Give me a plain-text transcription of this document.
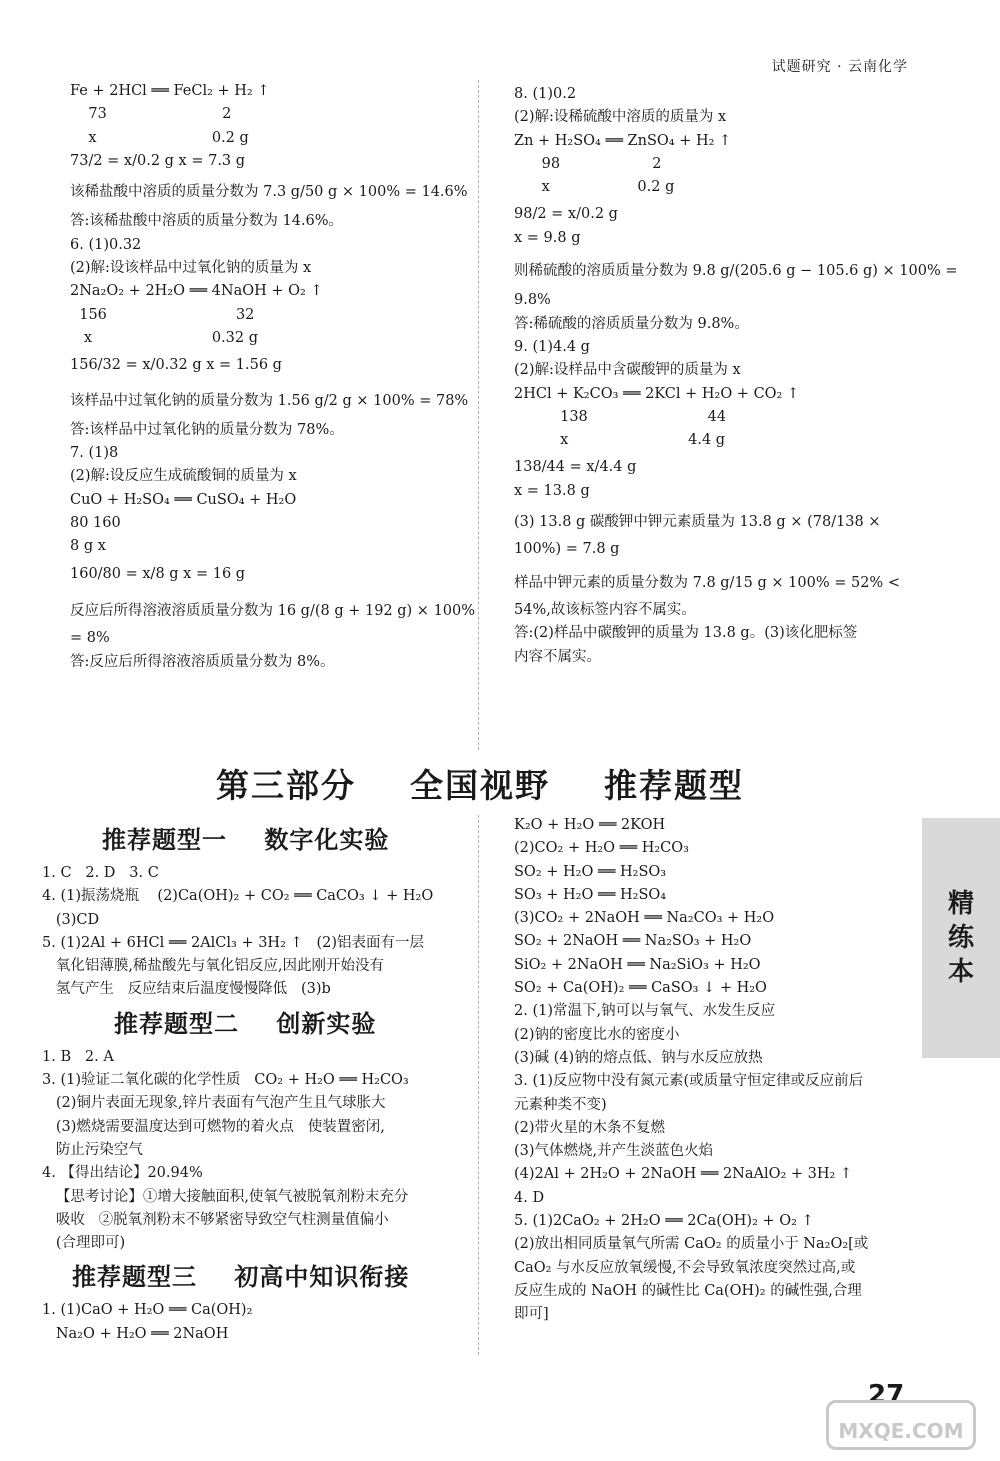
试题研究 · 云南化学
Fe + 2HCl ══ FeCl₂ + H₂ ↑
73                         2
x                         0.2 g
73/2 = x/0.2 g x = 7.3 g
该稀盐酸中溶质的质量分数为 7.3 g/50 g × 100% = 14.6%
答:该稀盐酸中溶质的质量分数为 14.6%。
6. (1)0.32
(2)解:设该样品中过氧化钠的质量为 x
2Na₂O₂ + 2H₂O ══ 4NaOH + O₂ ↑
156                            32
x                          0.32 g
156/32 = x/0.32 g x = 1.56 g
该样品中过氧化钠的质量分数为 1.56 g/2 g × 100% = 78%
答:该样品中过氧化钠的质量分数为 78%。
7. (1)8
(2)解:设反应生成硫酸铜的质量为 x
CuO + H₂SO₄ ══ CuSO₄ + H₂O
80 160
8 g x
160/80 = x/8 g x = 16 g
反应后所得溶液溶质质量分数为 16 g/(8 g + 192 g) × 100%
= 8%
答:反应后所得溶液溶质质量分数为 8%。
8. (1)0.2
(2)解:设稀硫酸中溶质的质量为 x
Zn + H₂SO₄ ══ ZnSO₄ + H₂ ↑
98                    2
x                   0.2 g
98/2 = x/0.2 g
x = 9.8 g
则稀硫酸的溶质质量分数为 9.8 g/(205.6 g − 105.6 g) × 100% =
9.8%
答:稀硫酸的溶质质量分数为 9.8%。
9. (1)4.4 g
(2)解:设样品中含碳酸钾的质量为 x
2HCl + K₂CO₃ ══ 2KCl + H₂O + CO₂ ↑
138                          44
x                          4.4 g
138/44 = x/4.4 g
x = 13.8 g
(3) 13.8 g 碳酸钾中钾元素质量为 13.8 g × (78/138 ×
100%) = 7.8 g
样品中钾元素的质量分数为 7.8 g/15 g × 100% = 52% <
54%,故该标签内容不属实。
答:(2)样品中碳酸钾的质量为 13.8 g。(3)该化肥标签
内容不属实。
第三部分    全国视野    推荐题型
推荐题型一    数字化实验
1. C   2. D   3. C
4. (1)振荡烧瓶    (2)Ca(OH)₂ + CO₂ ══ CaCO₃ ↓ + H₂O
(3)CD
5. (1)2Al + 6HCl ══ 2AlCl₃ + 3H₂ ↑   (2)铝表面有一层
氧化铝薄膜,稀盐酸先与氧化铝反应,因此刚开始没有
氢气产生   反应结束后温度慢慢降低   (3)b
推荐题型二    创新实验
1. B   2. A
3. (1)验证二氧化碳的化学性质   CO₂ + H₂O ══ H₂CO₃
(2)铜片表面无现象,锌片表面有气泡产生且气球胀大
(3)燃烧需要温度达到可燃物的着火点   使装置密闭,
防止污染空气
4. 【得出结论】20.94%
【思考讨论】①增大接触面积,使氧气被脱氧剂粉末充分
吸收   ②脱氧剂粉末不够紧密导致空气柱测量值偏小
(合理即可)
推荐题型三    初高中知识衔接
1. (1)CaO + H₂O ══ Ca(OH)₂
Na₂O + H₂O ══ 2NaOH
K₂O + H₂O ══ 2KOH
(2)CO₂ + H₂O ══ H₂CO₃
SO₂ + H₂O ══ H₂SO₃
SO₃ + H₂O ══ H₂SO₄
(3)CO₂ + 2NaOH ══ Na₂CO₃ + H₂O
SO₂ + 2NaOH ══ Na₂SO₃ + H₂O
SiO₂ + 2NaOH ══ Na₂SiO₃ + H₂O
SO₂ + Ca(OH)₂ ══ CaSO₃ ↓ + H₂O
2. (1)常温下,钠可以与氧气、水发生反应
(2)钠的密度比水的密度小
(3)碱 (4)钠的熔点低、钠与水反应放热
3. (1)反应物中没有氮元素(或质量守恒定律或反应前后
元素种类不变)
(2)带火星的木条不复燃
(3)气体燃烧,并产生淡蓝色火焰
(4)2Al + 2H₂O + 2NaOH ══ 2NaAlO₂ + 3H₂ ↑
4. D
5. (1)2CaO₂ + 2H₂O ══ 2Ca(OH)₂ + O₂ ↑
(2)放出相同质量氧气所需 CaO₂ 的质量小于 Na₂O₂[或
CaO₂ 与水反应放氧缓慢,不会导致氧浓度突然过高,或
反应生成的 NaOH 的碱性比 Ca(OH)₂ 的碱性强,合理
即可]
精练本
27
MXQE.COM
